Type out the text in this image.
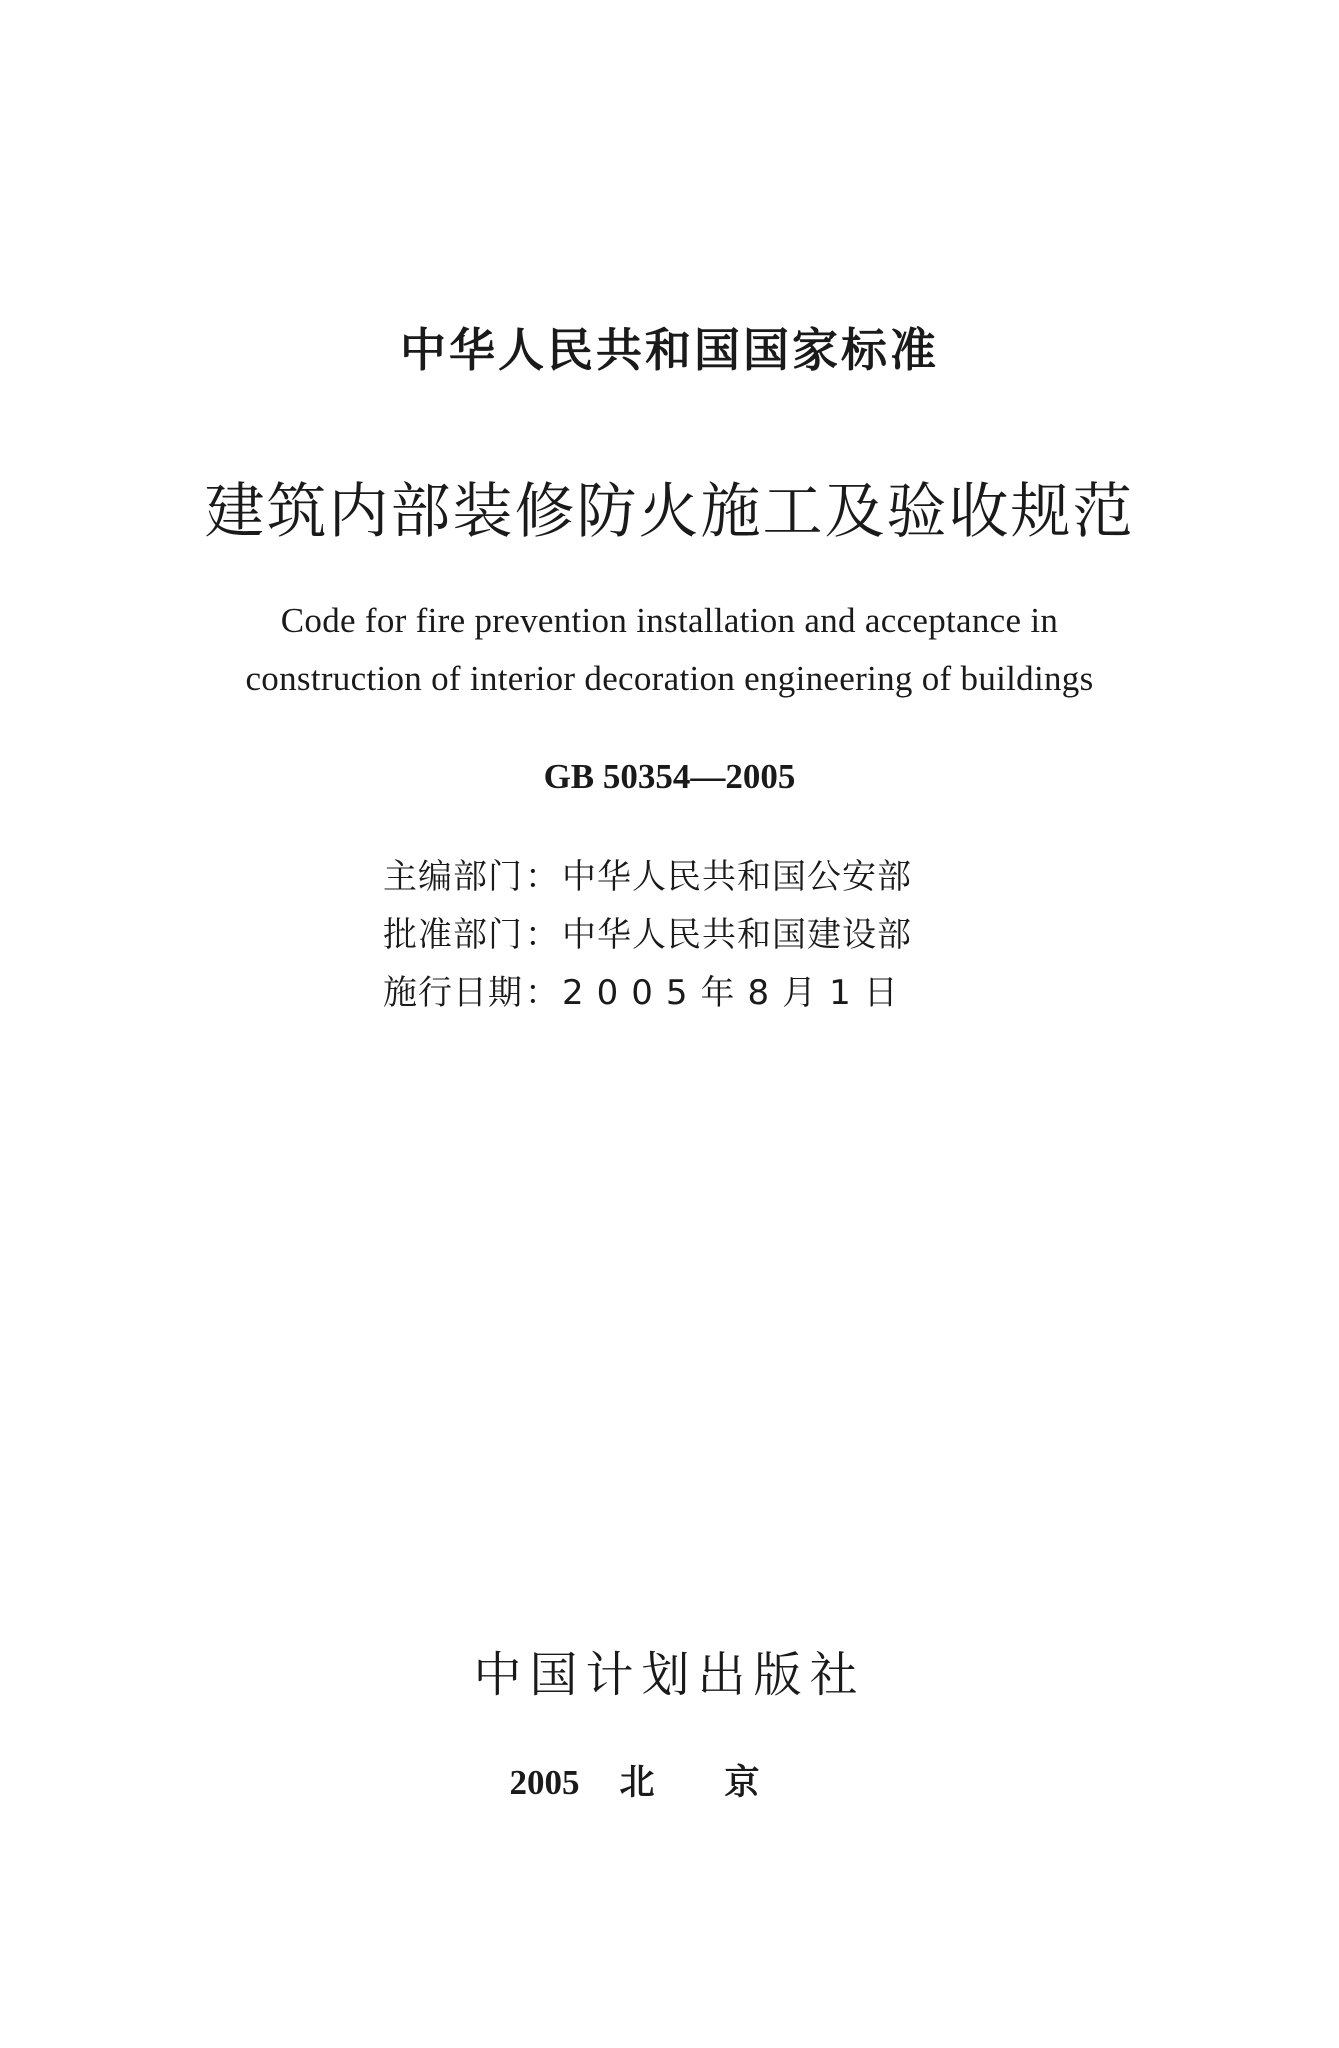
中华人民共和国国家标准
建筑内部装修防火施工及验收规范
Code for fire prevention installation and acceptance in
construction of interior decoration engineering of buildings
GB 50354—2005
主编部门：中华人民共和国公安部
批准部门：中华人民共和国建设部
施行日期：2005年8月1日
中国计划出版社
2005 北京
